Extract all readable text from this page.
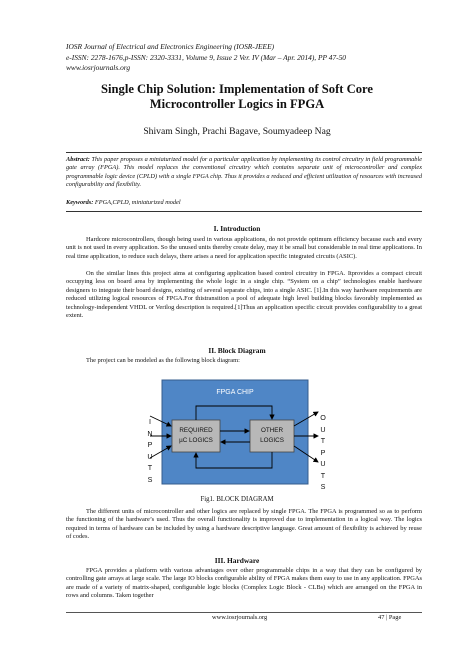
IOSR Journal of Electrical and Electronics Engineering (IOSR-JEEE)
e-ISSN: 2278-1676,p-ISSN: 2320-3331, Volume 9, Issue 2 Ver. IV (Mar – Apr. 2014), PP 47-50
www.iosrjournals.org
Single Chip Solution: Implementation of Soft Core
Microcontroller Logics in FPGA
Shivam Singh, Prachi Bagave, Soumyadeep Nag
Abstract: This paper proposes a miniaturized model for a particular application by implementing its control circuitry in field programmable gate array (FPGA). This model replaces the conventional circuitry which contains separate unit of microcontroller and complex programmable logic device (CPLD) with a single FPGA chip. Thus it provides a reduced and efficient utilization of resources with increased configurability and flexibility.
Keywords: FPGA,CPLD, miniaturized model
I. Introduction
Hardcore microcontrollers, though being used in various applications, do not provide optimum efficiency because each and every unit is not used in every application. So the unused units thereby create delay, may it be small but considerable in real time applications. In real time application, to reduce such delays, there arises a need for application specific integrated circuits (ASIC).
On the similar lines this project aims at configuring application based control circuitry in FPGA. Itprovides a compact circuit occupying less on board area by implementing the whole logic in a single chip. “System on a chip” technologies enable hardware designers to integrate their board designs, existing of several separate chips, into a single ASIC. [1].In this way hardware requirements are reduced utilizing logical resources of FPGA.For thistransition a pool of adequate high level building blocks favorably implemented as technology-independent VHDL or Verilog description is required.[1]Thus an application specific circuit provides configurability to a great extent.
II. Block Diagram
The project can be modeled as the following block diagram:
I
N
P
U
T
S
O
U
T
P
U
T
S
FPGA CHIP
REQUIRED
µC LOGICS
OTHER
LOGICS
Fig1. BLOCK DIAGRAM
The different units of microcontroller and other logics are replaced by single FPGA. The FPGA is programmed so as to perform the functioning of the hardware’s used. Thus the overall functionality is improved due to implementation in a logical way. The logics required in terms of hardware can be included by using a hardware descriptive language. Great amount of flexibility is achieved by reuse of codes.
III. Hardware
FPGA provides a platform with various advantages over other programmable chips in a way that they can be configured by controlling gate arrays at large scale. The large IO blocks configurable ability of FPGA makes them easy to use in any application. FPGAs are made of a variety of matrix-shaped, configurable logic blocks (Complex Logic Block - CLBs) which are arranged on the FPGA in rows and columns. Taken together
www.iosrjournals.org	47 | Page
